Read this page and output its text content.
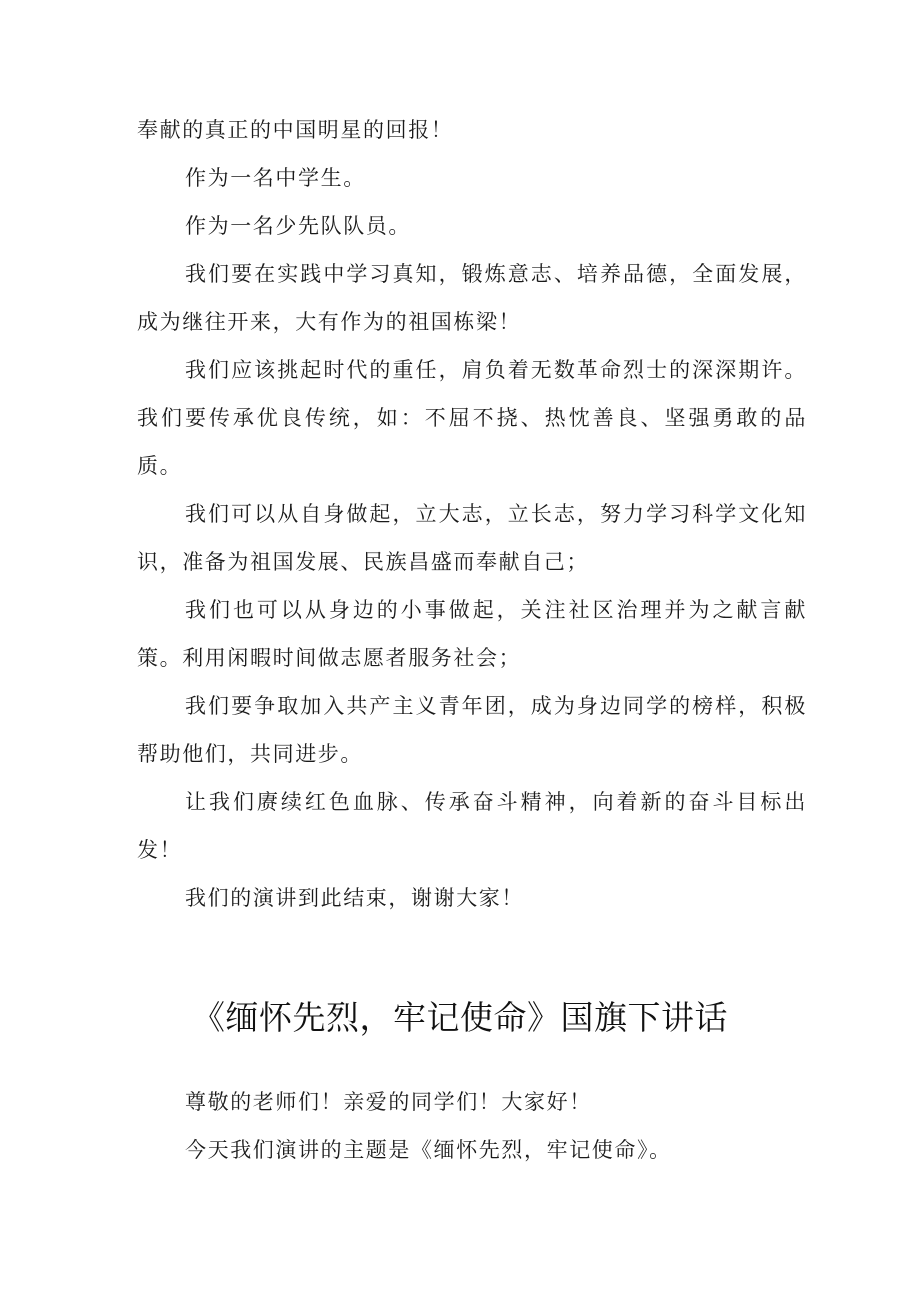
奉献的真正的中国明星的回报！

作为一名中学生。

作为一名少先队队员。

我们要在实践中学习真知，锻炼意志、培养品德，全面发展，成为继往开来，大有作为的祖国栋梁！

我们应该挑起时代的重任，肩负着无数革命烈士的深深期许。我们要传承优良传统，如：不屈不挠、热忱善良、坚强勇敢的品质。

我们可以从自身做起，立大志，立长志，努力学习科学文化知识，准备为祖国发展、民族昌盛而奉献自己；

我们也可以从身边的小事做起，关注社区治理并为之献言献策。利用闲暇时间做志愿者服务社会；

我们要争取加入共产主义青年团，成为身边同学的榜样，积极帮助他们，共同进步。

让我们赓续红色血脉、传承奋斗精神，向着新的奋斗目标出发！

我们的演讲到此结束，谢谢大家！

《缅怀先烈，牢记使命》国旗下讲话

尊敬的老师们！亲爱的同学们！大家好！

今天我们演讲的主题是《缅怀先烈，牢记使命》。
